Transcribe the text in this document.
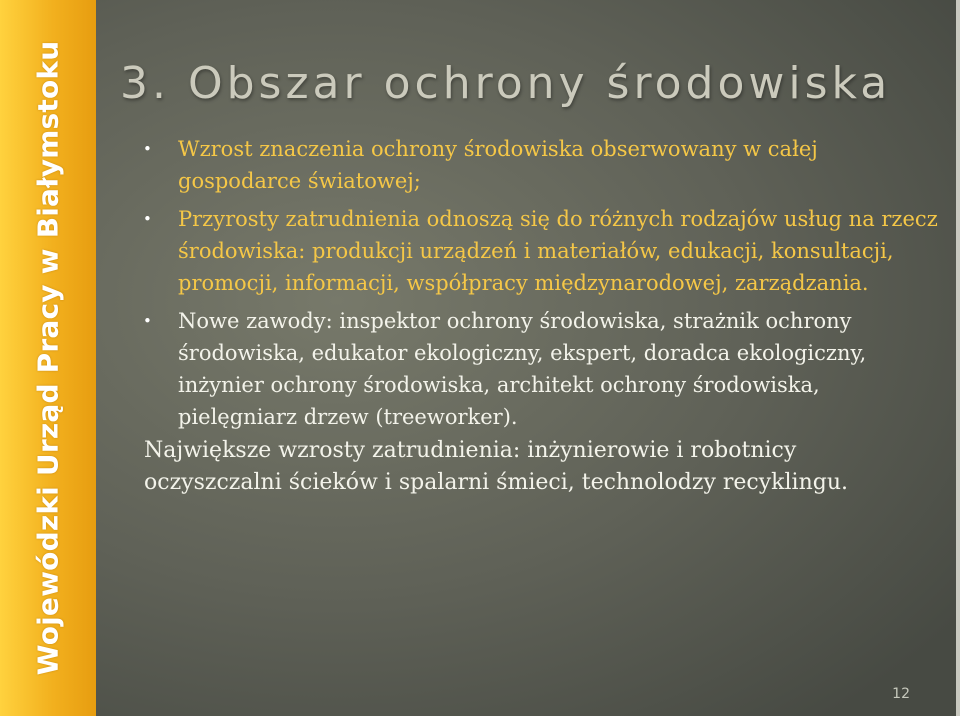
Wojewódzki Urząd Pracy w Białymstoku 3. Obszar ochrony środowiska
• Wzrost znaczenia ochrony środowiska obserwowany w całej gospodarce światowej;
• Przyrosty zatrudnienia odnoszą się do różnych rodzajów usług na rzecz środowiska: produkcji urządzeń i materiałów, edukacji, konsultacji, promocji, informacji, współpracy międzynarodowej, zarządzania.
• Nowe zawody: inspektor ochrony środowiska, strażnik ochrony środowiska, edukator ekologiczny, ekspert, doradca ekologiczny, inżynier ochrony środowiska, architekt ochrony środowiska, pielęgniarz drzew (treeworker).

Największe wzrosty zatrudnienia: inżynierowie i robotnicy oczyszczalni ścieków i spalarni śmieci, technolodzy recyklingu.

12
